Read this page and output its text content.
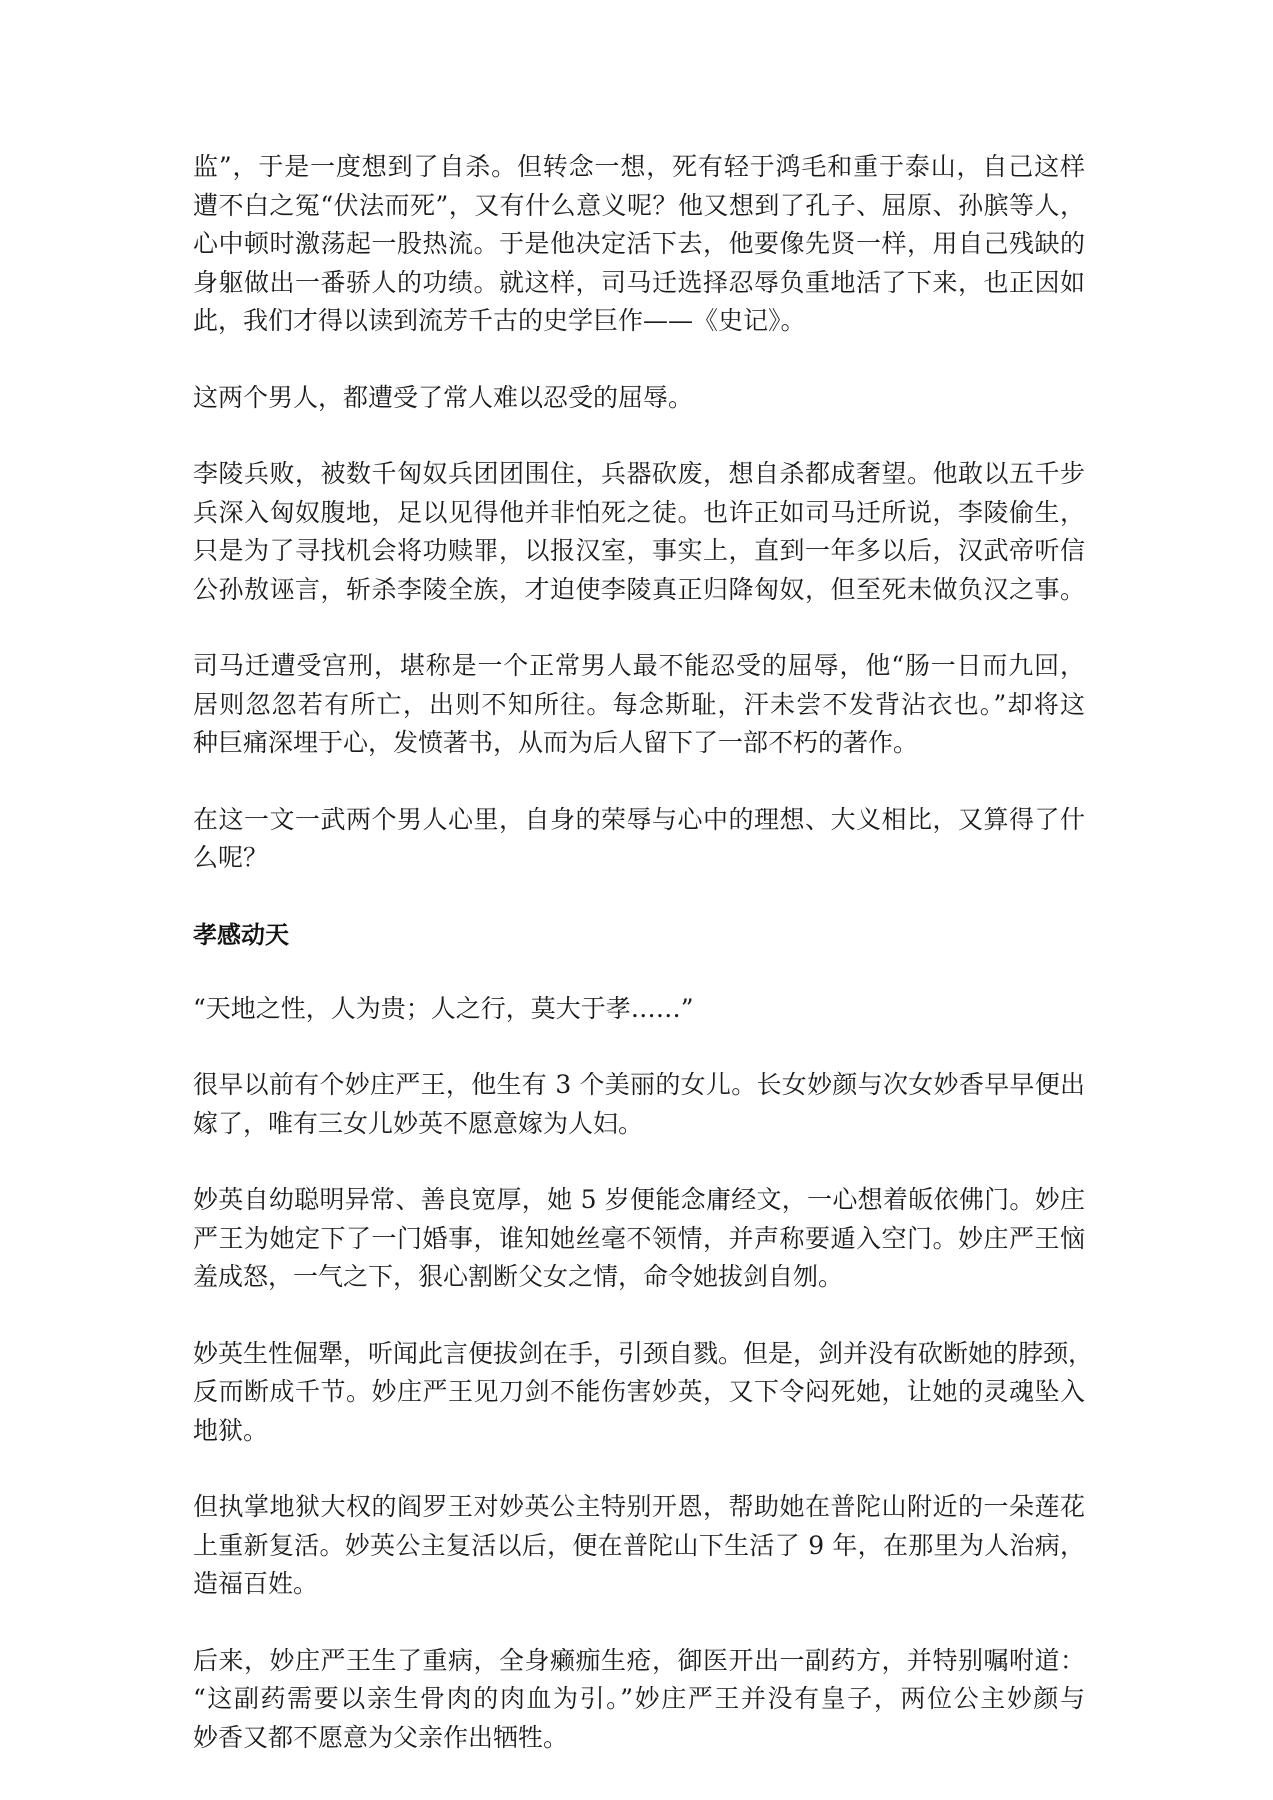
监”，于是一度想到了自杀。但转念一想，死有轻于鸿毛和重于泰山，自己这样
遭不白之冤“伏法而死”，又有什么意义呢？他又想到了孔子、屈原、孙膑等人，
心中顿时激荡起一股热流。于是他决定活下去，他要像先贤一样，用自己残缺的
身躯做出一番骄人的功绩。就这样，司马迁选择忍辱负重地活了下来，也正因如
此，我们才得以读到流芳千古的史学巨作——《史记》。

这两个男人，都遭受了常人难以忍受的屈辱。

李陵兵败，被数千匈奴兵团团围住，兵器砍废，想自杀都成奢望。他敢以五千步
兵深入匈奴腹地，足以见得他并非怕死之徒。也许正如司马迁所说，李陵偷生，
只是为了寻找机会将功赎罪，以报汉室，事实上，直到一年多以后，汉武帝听信
公孙敖诬言，斩杀李陵全族，才迫使李陵真正归降匈奴，但至死未做负汉之事。

司马迁遭受宫刑，堪称是一个正常男人最不能忍受的屈辱，他“肠一日而九回，
居则忽忽若有所亡，出则不知所往。每念斯耻，汗未尝不发背沾衣也。”却将这
种巨痛深埋于心，发愤著书，从而为后人留下了一部不朽的著作。

在这一文一武两个男人心里，自身的荣辱与心中的理想、大义相比，又算得了什
么呢？

孝感动天

“天地之性，人为贵；人之行，莫大于孝……”

很早以前有个妙庄严王，他生有 3 个美丽的女儿。长女妙颜与次女妙香早早便出
嫁了，唯有三女儿妙英不愿意嫁为人妇。

妙英自幼聪明异常、善良宽厚，她 5 岁便能念庸经文，一心想着皈依佛门。妙庄
严王为她定下了一门婚事，谁知她丝毫不领情，并声称要遁入空门。妙庄严王恼
羞成怒，一气之下，狠心割断父女之情，命令她拔剑自刎。

妙英生性倔犟，听闻此言便拔剑在手，引颈自戮。但是，剑并没有砍断她的脖颈，
反而断成千节。妙庄严王见刀剑不能伤害妙英，又下令闷死她，让她的灵魂坠入
地狱。

但执掌地狱大权的阎罗王对妙英公主特别开恩，帮助她在普陀山附近的一朵莲花
上重新复活。妙英公主复活以后，便在普陀山下生活了 9 年，在那里为人治病，
造福百姓。

后来，妙庄严王生了重病，全身癞痂生疮，御医开出一副药方，并特别嘱咐道：
“这副药需要以亲生骨肉的肉血为引。”妙庄严王并没有皇子，两位公主妙颜与
妙香又都不愿意为父亲作出牺牲。
